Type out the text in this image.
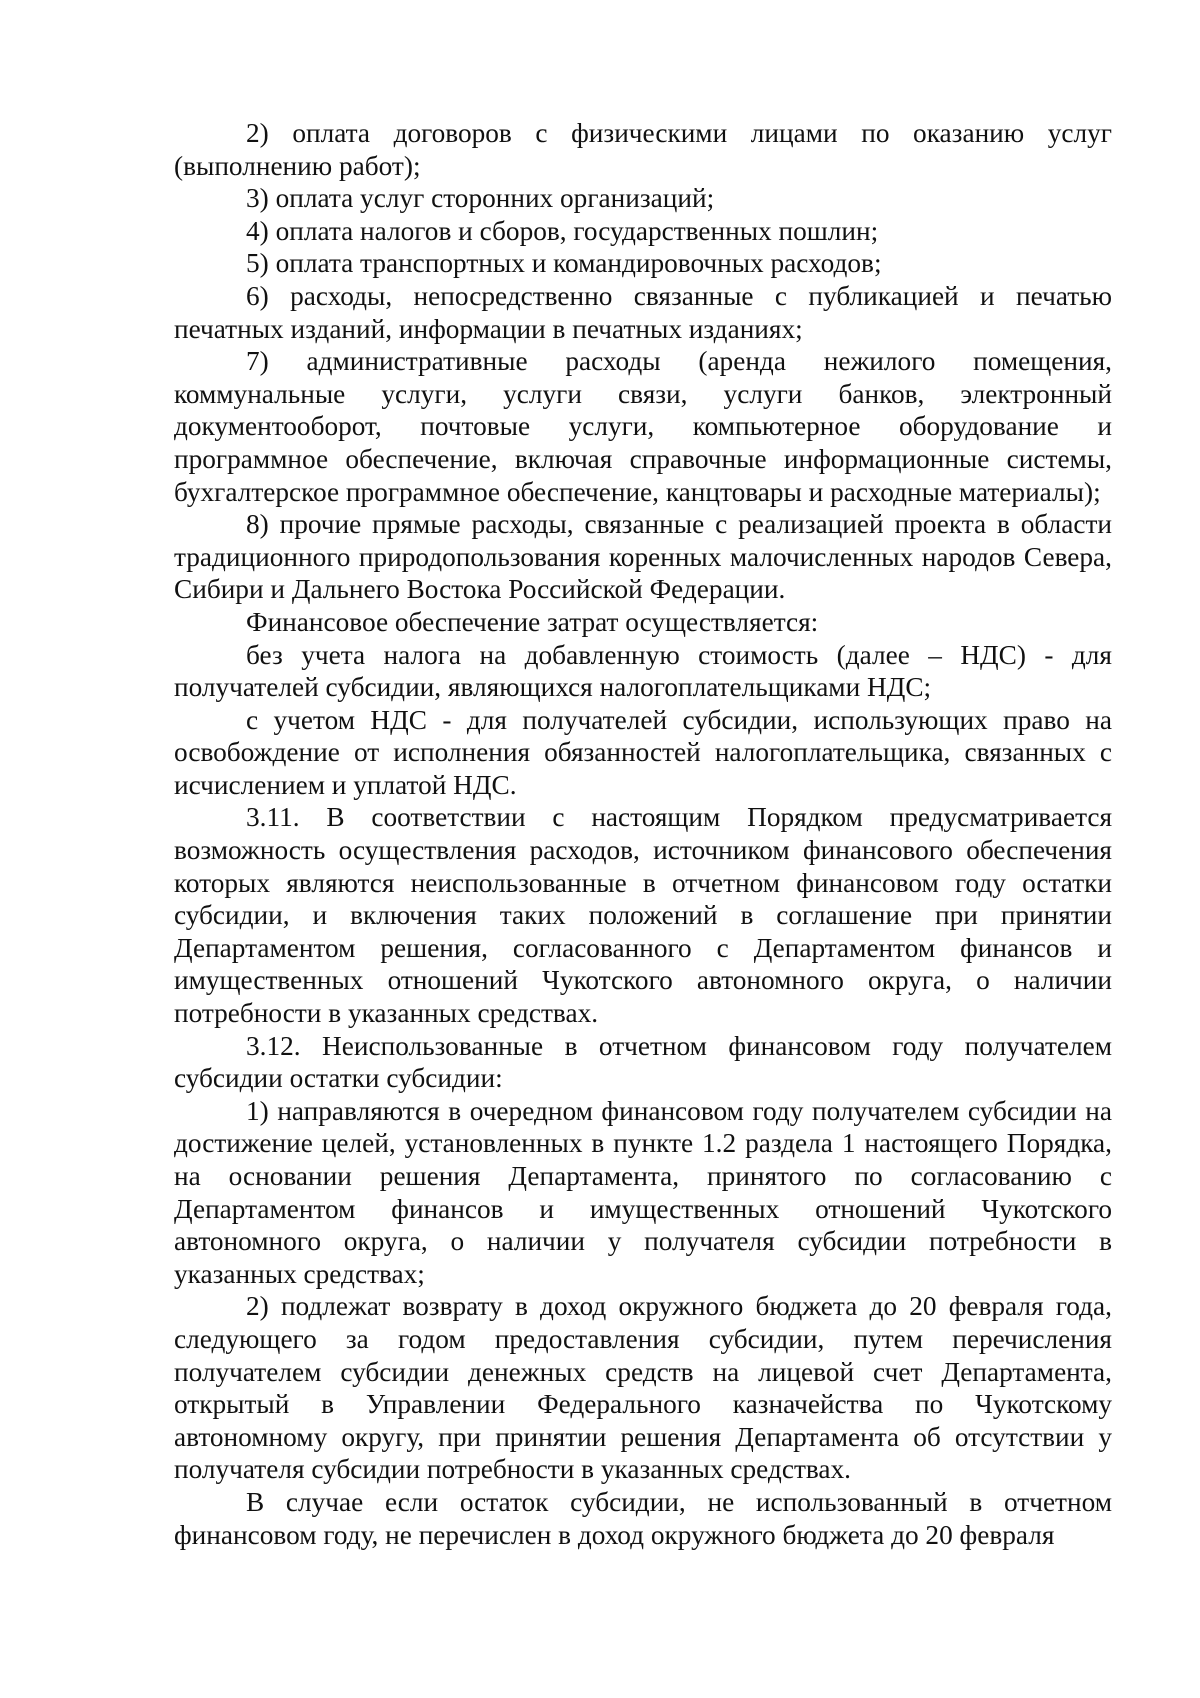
2) оплата договоров с физическими лицами по оказанию услуг (выполнению работ);

3) оплата услуг сторонних организаций;

4) оплата налогов и сборов, государственных пошлин;

5) оплата транспортных и командировочных расходов;

6) расходы, непосредственно связанные с публикацией и печатью печатных изданий, информации в печатных изданиях;

7) административные расходы (аренда нежилого помещения, коммунальные услуги, услуги связи, услуги банков, электронный документооборот, почтовые услуги, компьютерное оборудование и программное обеспечение, включая справочные информационные системы, бухгалтерское программное обеспечение, канцтовары и расходные материалы);

8) прочие прямые расходы, связанные с реализацией проекта в области традиционного природопользования коренных малочисленных народов Севера, Сибири и Дальнего Востока Российской Федерации.

Финансовое обеспечение затрат осуществляется:

без учета налога на добавленную стоимость (далее – НДС) - для получателей субсидии, являющихся налогоплательщиками НДС;

с учетом НДС - для получателей субсидии, использующих право на освобождение от исполнения обязанностей налогоплательщика, связанных с исчислением и уплатой НДС.

3.11. В соответствии с настоящим Порядком предусматривается возможность осуществления расходов, источником финансового обеспечения которых являются неиспользованные в отчетном финансовом году остатки субсидии, и включения таких положений в соглашение при принятии Департаментом решения, согласованного с Департаментом финансов и имущественных отношений Чукотского автономного округа, о наличии потребности в указанных средствах.

3.12. Неиспользованные в отчетном финансовом году получателем субсидии остатки субсидии:

1) направляются в очередном финансовом году получателем субсидии на достижение целей, установленных в пункте 1.2 раздела 1 настоящего Порядка, на основании решения Департамента, принятого по согласованию с Департаментом финансов и имущественных отношений Чукотского автономного округа, о наличии у получателя субсидии потребности в указанных средствах;

2) подлежат возврату в доход окружного бюджета до 20 февраля года, следующего за годом предоставления субсидии, путем перечисления получателем субсидии денежных средств на лицевой счет Департамента, открытый в Управлении Федерального казначейства по Чукотскому автономному округу, при принятии решения Департамента об отсутствии у получателя субсидии потребности в указанных средствах.

В случае если остаток субсидии, не использованный в отчетном финансовом году, не перечислен в доход окружного бюджета до 20 февраля
